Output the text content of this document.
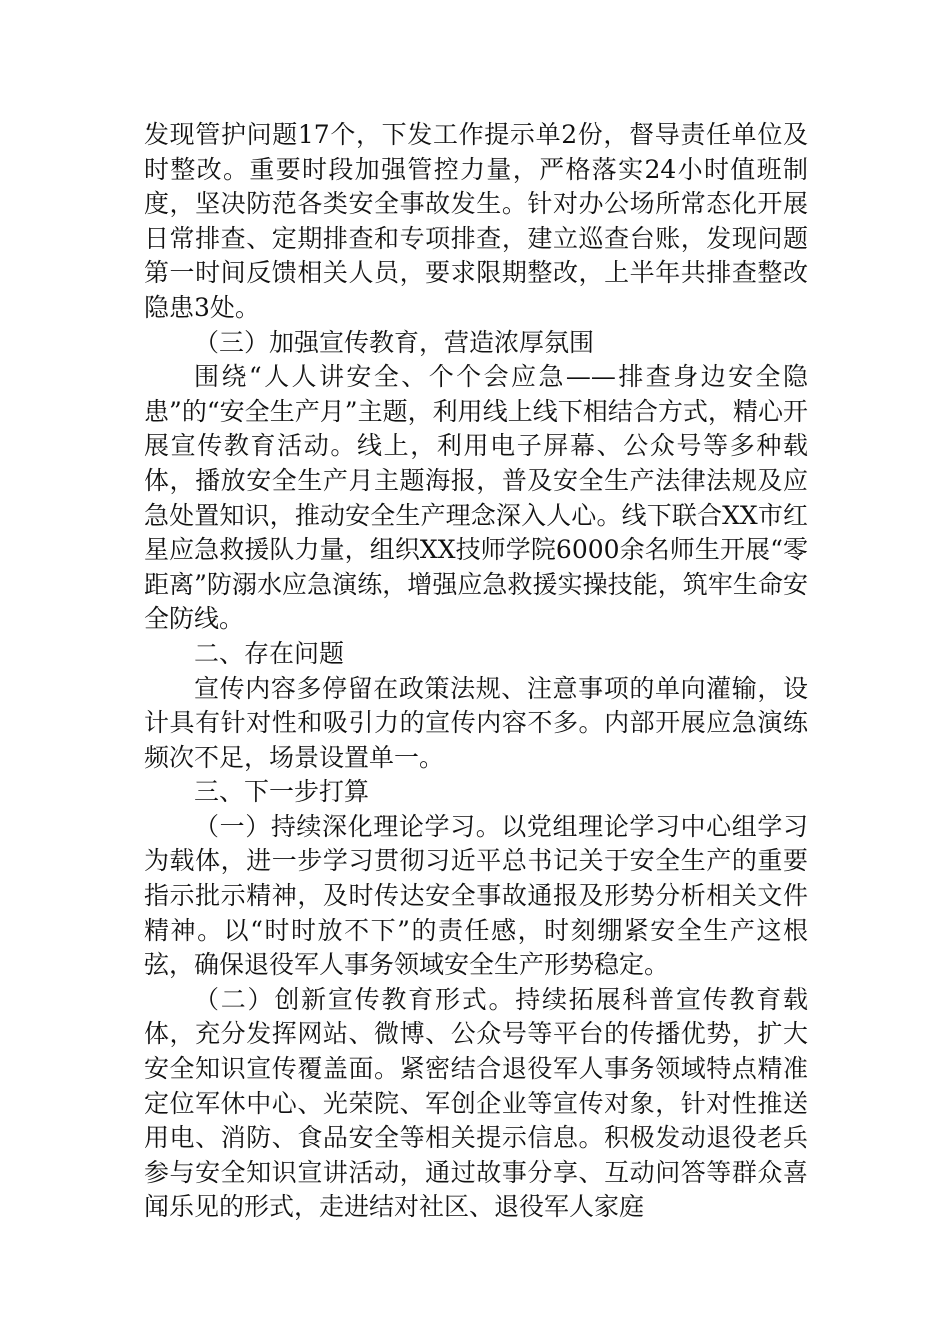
发现管护问题17个，下发工作提示单2份，督导责任单位及时整改。重要时段加强管控力量，严格落实24小时值班制度，坚决防范各类安全事故发生。针对办公场所常态化开展日常排查、定期排查和专项排查，建立巡查台账，发现问题第一时间反馈相关人员，要求限期整改，上半年共排查整改隐患3处。

（三）加强宣传教育，营造浓厚氛围

围绕“人人讲安全、个个会应急——排查身边安全隐患”的“安全生产月”主题，利用线上线下相结合方式，精心开展宣传教育活动。线上，利用电子屏幕、公众号等多种载体，播放安全生产月主题海报，普及安全生产法律法规及应急处置知识，推动安全生产理念深入人心。线下联合XX市红星应急救援队力量，组织XX技师学院6000余名师生开展“零距离”防溺水应急演练，增强应急救援实操技能，筑牢生命安全防线。

二、存在问题

宣传内容多停留在政策法规、注意事项的单向灌输，设计具有针对性和吸引力的宣传内容不多。内部开展应急演练频次不足，场景设置单一。

三、下一步打算

（一）持续深化理论学习。以党组理论学习中心组学习为载体，进一步学习贯彻习近平总书记关于安全生产的重要指示批示精神，及时传达安全事故通报及形势分析相关文件精神。以“时时放不下”的责任感，时刻绷紧安全生产这根弦，确保退役军人事务领域安全生产形势稳定。

（二）创新宣传教育形式。持续拓展科普宣传教育载体，充分发挥网站、微博、公众号等平台的传播优势，扩大安全知识宣传覆盖面。紧密结合退役军人事务领域特点精准定位军休中心、光荣院、军创企业等宣传对象，针对性推送用电、消防、食品安全等相关提示信息。积极发动退役老兵参与安全知识宣讲活动，通过故事分享、互动问答等群众喜闻乐见的形式，走进结对社区、退役军人家庭
